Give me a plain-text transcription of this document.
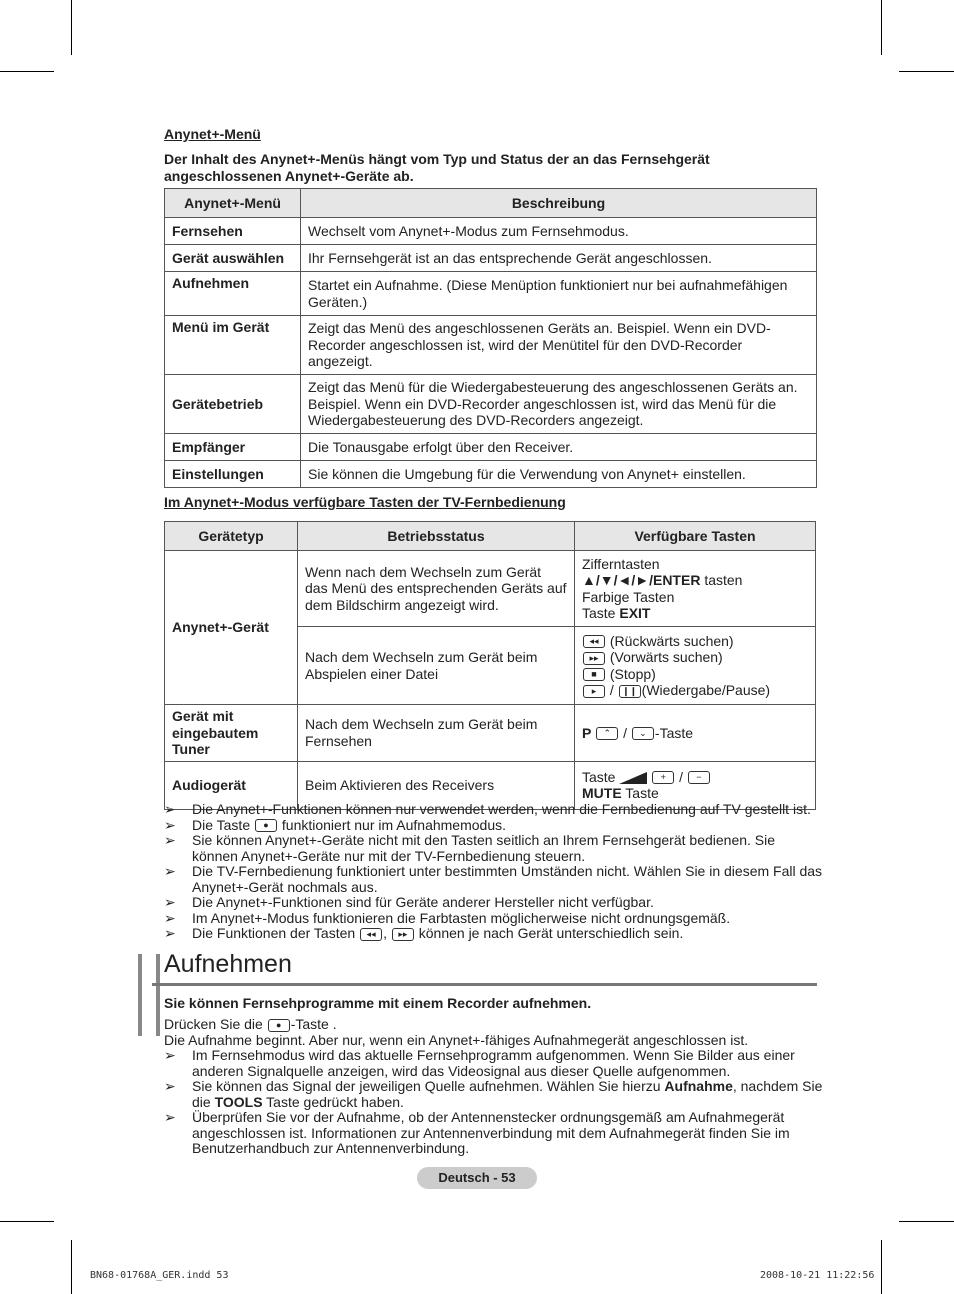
Anynet+-Menü
Der Inhalt des Anynet+-Menüs hängt vom Typ und Status der an das Fernsehgerät angeschlossenen Anynet+-Geräte ab.
Anynet+-Menü	Beschreibung
Fernsehen	Wechselt vom Anynet+-Modus zum Fernsehmodus.
Gerät auswählen	Ihr Fernsehgerät ist an das entsprechende Gerät angeschlossen.
Aufnehmen	Startet ein Aufnahme. (Diese Menüption funktioniert nur bei aufnahmefähigen Geräten.)
Menü im Gerät	Zeigt das Menü des angeschlossenen Geräts an. Beispiel. Wenn ein DVD-Recorder angeschlossen ist, wird der Menütitel für den DVD-Recorder angezeigt.
Gerätebetrieb	Zeigt das Menü für die Wiedergabesteuerung des angeschlossenen Geräts an. Beispiel. Wenn ein DVD-Recorder angeschlossen ist, wird das Menü für die Wiedergabesteuerung des DVD-Recorders angezeigt.
Empfänger	Die Tonausgabe erfolgt über den Receiver.
Einstellungen	Sie können die Umgebung für die Verwendung von Anynet+ einstellen.
Im Anynet+-Modus verfügbare Tasten der TV-Fernbedienung
Gerätetyp	Betriebsstatus	Verfügbare Tasten
Anynet+-Gerät	Wenn nach dem Wechseln zum Gerät das Menü des entsprechenden Geräts auf dem Bildschirm angezeigt wird.	Zifferntasten
▲/▼/◄/►/ENTER tasten
Farbige Tasten
Taste EXIT

	Nach dem Wechseln zum Gerät beim Abspielen einer Datei	◂◂ (Rückwärts suchen)
▸▸ (Vorwärts suchen)
■ (Stopp)
▸ / ❙❙ (Wiedergabe/Pause)

Gerät mit eingebautem Tuner	Nach dem Wechseln zum Gerät beim Fernsehen	P ⌃ / ⌄ -Taste
Audiogerät	Beim Aktivieren des Receivers	Taste + / −
MUTE Taste
➢	Die Anynet+-Funktionen können nur verwendet werden, wenn die Fernbedienung auf TV gestellt ist.
➢	Die Taste ● funktioniert nur im Aufnahmemodus.
➢	Sie können Anynet+-Geräte nicht mit den Tasten seitlich an Ihrem Fernsehgerät bedienen. Sie können Anynet+-Geräte nur mit der TV-Fernbedienung steuern.
➢	Die TV-Fernbedienung funktioniert unter bestimmten Umständen nicht. Wählen Sie in diesem Fall das Anynet+-Gerät nochmals aus.
➢	Die Anynet+-Funktionen sind für Geräte anderer Hersteller nicht verfügbar.
➢	Im Anynet+-Modus funktionieren die Farbtasten möglicherweise nicht ordnungsgemäß.
➢	Die Funktionen der Tasten ◂◂ , ▸▸ können je nach Gerät unterschiedlich sein.
Aufnehmen
Sie können Fernsehprogramme mit einem Recorder aufnehmen.
Drücken Sie die ● -Taste .
Die Aufnahme beginnt. Aber nur, wenn ein Anynet+-fähiges Aufnahmegerät angeschlossen ist.
➢	Im Fernsehmodus wird das aktuelle Fernsehprogramm aufgenommen. Wenn Sie Bilder aus einer anderen Signalquelle anzeigen, wird das Videosignal aus dieser Quelle aufgenommen.
➢	Sie können das Signal der jeweiligen Quelle aufnehmen. Wählen Sie hierzu Aufnahme, nachdem Sie die TOOLS Taste gedrückt haben.
➢	Überprüfen Sie vor der Aufnahme, ob der Antennenstecker ordnungsgemäß am Aufnahmegerät angeschlossen ist. Informationen zur Antennenverbindung mit dem Aufnahmegerät finden Sie im Benutzerhandbuch zur Antennenverbindung.
Deutsch - 53
BN68-01768A_GER.indd 53	2008-10-21 11:22:56
